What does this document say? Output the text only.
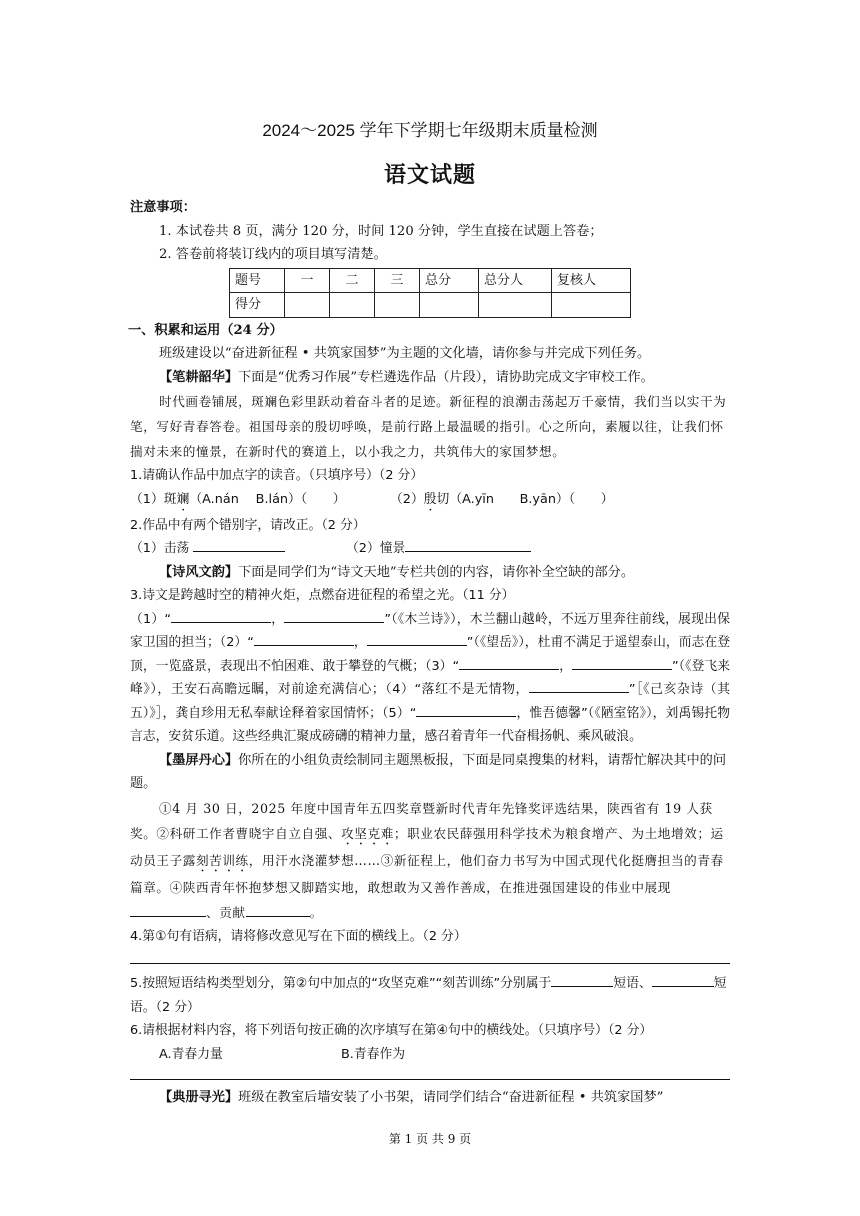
2024～2025 学年下学期七年级期末质量检测
语文试题

注意事项：

1. 本试卷共 8 页，满分 120 分，时间 120 分钟，学生直接在试题上答卷；

2. 答卷前将装订线内的项目填写清楚。

题号	一	二	三	总分	总分人	复核人
得分						

一、积累和运用（24 分）

班级建设以“奋进新征程 • 共筑家国梦”为主题的文化墙，请你参与并完成下列任务。

【笔耕韶华】下面是“优秀习作展”专栏遴选作品（片段），请协助完成文字审校工作。

时代画卷铺展，斑斓色彩里跃动着奋斗者的足迹。新征程的浪潮击荡起万千豪情，我们当以实干为笔，写好青春答卷。祖国母亲的殷切呼唤，是前行路上最温暖的指引。心之所向，素履以往，让我们怀揣对未来的憧景，在新时代的赛道上，以小我之力，共筑伟大的家国梦想。

1.请确认作品中加点字的读音。（只填序号）（2 分）

（1）斑斓（A.nán　 B.lán）（　　）	（2）殷切（A.yīn　　B.yān）（　　）

2.作品中有两个错别字，请改正。（2 分）

（1）击荡	（2）憧景

【诗风文韵】下面是同学们为“诗文天地”专栏共创的内容，请你补全空缺的部分。

3.诗文是跨越时空的精神火炬，点燃奋进征程的希望之光。（11 分）

（1）“	，	”（《木兰诗》），木兰翻山越岭，不远万里奔往前线，展现出保家卫国的担当；（2）“	，	”（《望岳》），杜甫不满足于遥望泰山，而志在登顶，一览盛景，表现出不怕困难、敢于攀登的气概；（3）“	，	”（《登飞来峰》），王安石高瞻远瞩，对前途充满信心；（4）“落红不是无情物，	”［《己亥杂诗（其五）》］，龚自珍用无私奉献诠释着家国情怀；（5）“	，惟吾德馨”（《陋室铭》），刘禹锡托物言志，安贫乐道。这些经典汇聚成磅礴的精神力量，感召着青年一代奋楫扬帆、乘风破浪。

【墨屏丹心】你所在的小组负责绘制同主题黑板报，下面是同桌搜集的材料，请帮忙解决其中的问题。

①4 月 30 日，2025 年度中国青年五四奖章暨新时代青年先锋奖评选结果，陕西省有 19 人获奖。②科研工作者曹晓宇自立自强、攻坚克难；职业农民薛强用科学技术为粮食增产、为土地增效；运动员王子露刻苦训练，用汗水浇灌梦想……③新征程上，他们奋力书写为中国式现代化挺膺担当的青春篇章。④陕西青年怀抱梦想又脚踏实地，敢想敢为又善作善成，在推进强国建设的伟业中展现、贡献	。

4.第①句有语病，请将修改意见写在下面的横线上。（2 分）

5.按照短语结构类型划分，第②句中加点的“攻坚克难”“刻苦训练”分别属于	短语、	短语。（2 分）

6.请根据材料内容，将下列语句按正确的次序填写在第④句中的横线处。（只填序号）（2 分）

A.青春力量	B.青春作为

【典册寻光】班级在教室后墙安装了小书架，请同学们结合“奋进新征程 • 共筑家国梦”

第 1 页 共 9 页
